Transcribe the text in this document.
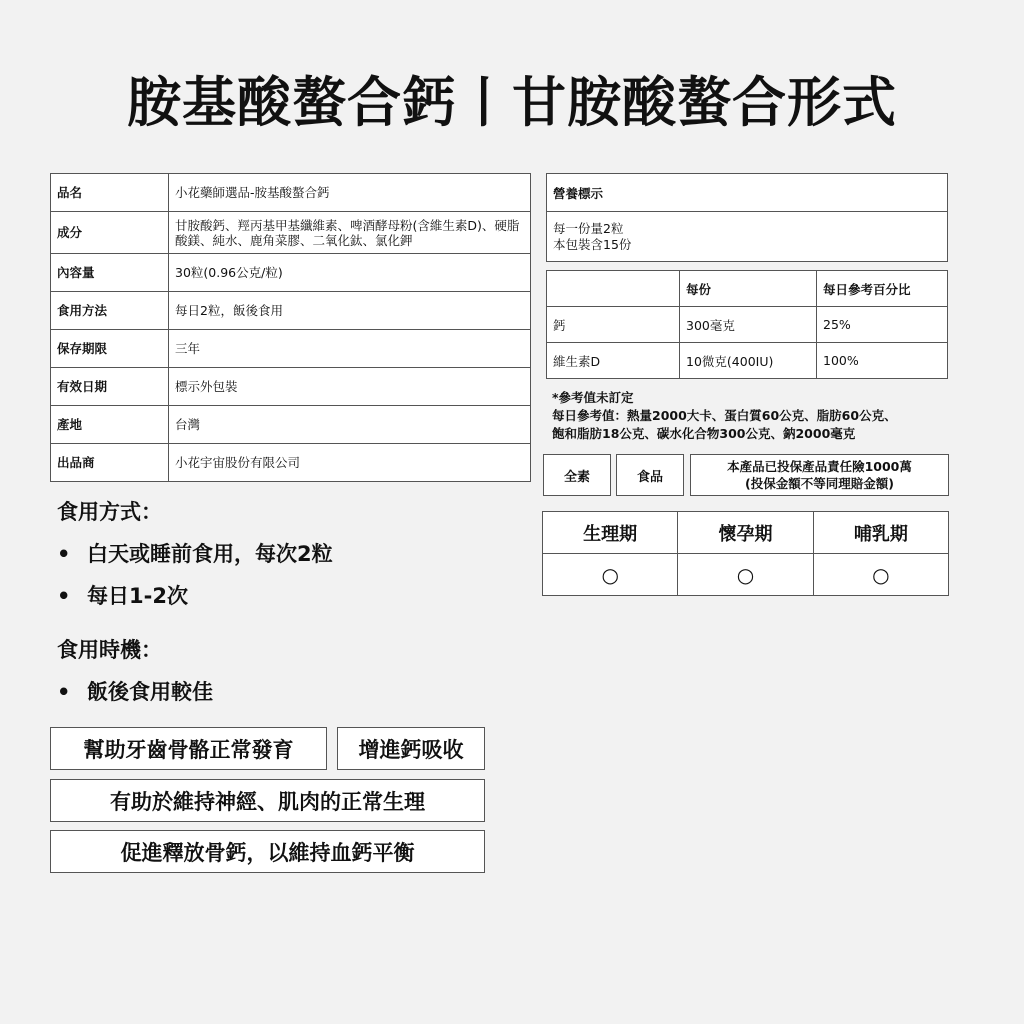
胺基酸螯合鈣丨甘胺酸螯合形式
品名	小花藥師選品-胺基酸螯合鈣
成分	甘胺酸鈣、羥丙基甲基纖維素、啤酒酵母粉(含維生素D)、硬脂酸鎂、純水、鹿角菜膠、二氧化鈦、氯化鉀
內容量	30粒(0.96公克/粒)
食用方法	每日2粒，飯後食用
保存期限	三年
有效日期	標示外包裝
產地	台灣
出品商	小花宇宙股份有限公司
營養標示

每一份量2粒
本包裝含15份
	每份	每日參考百分比
鈣	300毫克	25%
維生素D	10微克(400IU)	100%
*參考值未訂定
每日參考值：熱量2000大卡、蛋白質60公克、脂肪60公克、
飽和脂肪18公克、碳水化合物300公克、鈉2000毫克
全素	食品
本產品已投保產品責任險1000萬
(投保金額不等同理賠金額)
生理期	懷孕期	哺乳期
○	○	○
食用方式：
• 白天或睡前食用，每次2粒
• 每日1-2次
食用時機：
• 飯後食用較佳
幫助牙齒骨骼正常發育	增進鈣吸收
有助於維持神經、肌肉的正常生理
促進釋放骨鈣，以維持血鈣平衡
